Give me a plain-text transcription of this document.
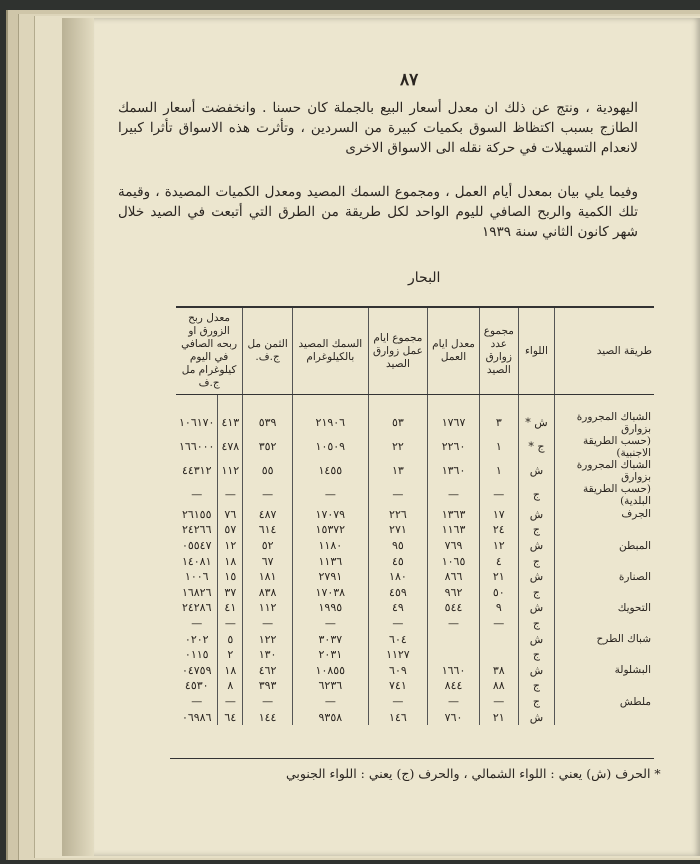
٨٧
اليهودية ، ونتج عن ذلك ان معدل أسعار البيع بالجملة كان حسنا . وانخفضت أسعار السمك الطازج بسبب اكتظاظ السوق بكميات كبيرة من السردين ، وتأثرت هذه الاسواق تأثرا كبيرا لانعدام التسهيلات في حركة نقله الى الاسواق الاخرى
وفيما يلي بيان بمعدل أيام العمل ، ومجموع السمك المصيد ومعدل الكميات المصيدة ، وقيمة تلك الكمية والربح الصافي لليوم الواحد لكل طريقة من الطرق التي أتبعت في الصيد خلال شهر كانون الثاني سنة ١٩٣٩
البحار
طريقة الصيد	اللواء	مجموع عدد زوارق الصيد	معدل ايام العمل	مجموع ايام عمل زوارق الصيد	السمك المصيد بالكيلوغرام	الثمن مل ج.ف.	معدل ربح الزورق او ربحه الصافي في اليوم كيلوغرام مل ج.ف	

الشباك المجرورة بزوارق	ش *	٣	١٧٦٧	٥٣	٢١٩٠٦	٥٣٩	٤١٣	١٠٦١٧٠
(حسب الطريقة الاجنبية)	ج *	١	٢٢٦٠	٢٢	١٠٥٠٩	٣٥٢	٤٧٨	١٦٦٠٠٠
الشباك المجرورة بزوارق	ش	١	١٣٦٠	١٣	١٤٥٥	٥٥	١١٢	٤٤٣١٢
(حسب الطريقة البلدية)	ج	—	—	—	—	—	—	—
الجرف	ش	١٧	١٣٦٣	٢٢٦	١٧٠٧٩	٤٨٧	٧٦	٢٦١٥٥
	ج	٢٤	١١٦٣	٢٧١	١٥٣٧٢	٦١٤	٥٧	٢٤٢٦٦
المبطن	ش	١٢	٧٦٩	٩٥	١١٨٠	٥٢	١٢	٠٥٥٤٧
	ج	٤	١٠٦٥	٤٥	١١٣٦	٦٧	١٨	١٤٠٨١
الصنارة	ش	٢١	٨٦٦	١٨٠	٢٧٩١	١٨١	١٥	١٠٠٦
	ج	٥٠	٩٦٢	٤٥٩	١٧٠٣٨	٨٣٨	٣٧	١٦٨٢٦
التحويك	ش	٩	٥٤٤	٤٩	١٩٩٥	١١٢	٤١	٢٤٢٨٦
	ج	—	—	—	—	—	—	—
شباك الطرح	ش			٦٠٤	٣٠٣٧	١٢٢	٥	٠٢٠٢
	ج			١١٢٧	٢٠٣١	١٣٠	٢	٠١١٥
البشلولة	ش	٣٨	١٦٦٠	٦٠٩	١٠٨٥٥	٤٦٢	١٨	٠٤٧٥٩
	ج	٨٨	٨٤٤	٧٤١	٦٢٣٦	٣٩٣	٨	٤٥٣٠
ملطش	ج	—	—	—	—	—	—	—
	ش	٢١	٧٦٠	١٤٦	٩٣٥٨	١٤٤	٦٤	٠٦٩٨٦
* الحرف (ش) يعني : اللواء الشمالي ، والحرف (ج) يعني : اللواء الجنوبي
